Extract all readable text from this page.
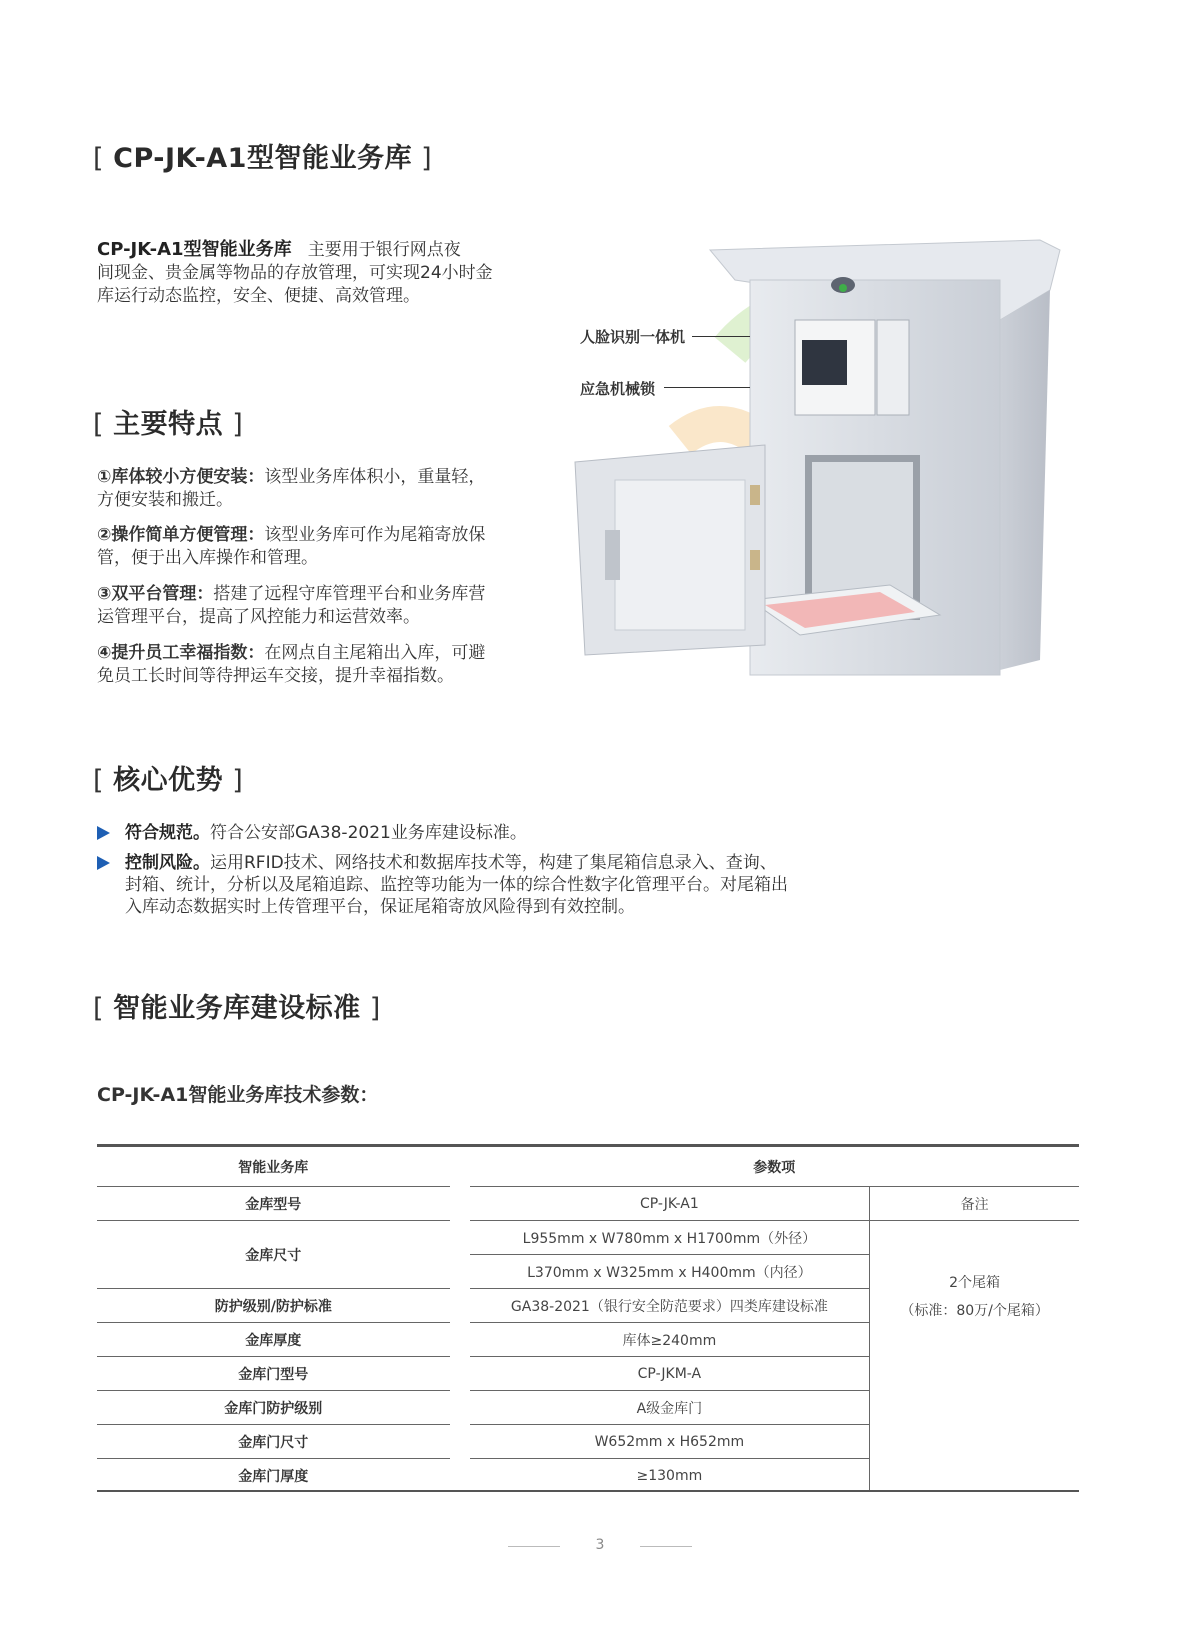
[ CP-JK-A1型智能业务库 ]
CP-JK-A1型智能业务库 主要用于银行网点夜
间现金、贵金属等物品的存放管理，可实现24小时金
库运行动态监控，安全、便捷、高效管理。
人脸识别一体机
应急机械锁
[ 主要特点 ]
①库体较小方便安装：该型业务库体积小，重量轻，
方便安装和搬迁。
②操作简单方便管理：该型业务库可作为尾箱寄放保
管，便于出入库操作和管理。
③双平台管理：搭建了远程守库管理平台和业务库营
运管理平台，提高了风控能力和运营效率。
④提升员工幸福指数：在网点自主尾箱出入库，可避
免员工长时间等待押运车交接，提升幸福指数。
[ 核心优势 ]
符合规范。符合公安部GA38-2021业务库建设标准。
控制风险。运用RFID技术、网络技术和数据库技术等，构建了集尾箱信息录入、查询、
封箱、统计，分析以及尾箱追踪、监控等功能为一体的综合性数字化管理平台。对尾箱出
入库动态数据实时上传管理平台，保证尾箱寄放风险得到有效控制。
[ 智能业务库建设标准 ]
CP-JK-A1智能业务库技术参数：
智能业务库		参数项	
金库型号		CP-JK-A1	备注
金库尺寸		L955mm x W780mm x H1700mm（外径）	2个尾箱
（标准：80万/个尾箱）

		L370mm x W325mm x H400mm（内径）	
防护级别/防护标准		GA38-2021（银行安全防范要求）四类库建设标准	
金库厚度		库体≥240mm	
金库门型号		CP-JKM-A	
金库门防护级别		A级金库门	
金库门尺寸		W652mm x H652mm	
金库门厚度		≥130mm	
3
